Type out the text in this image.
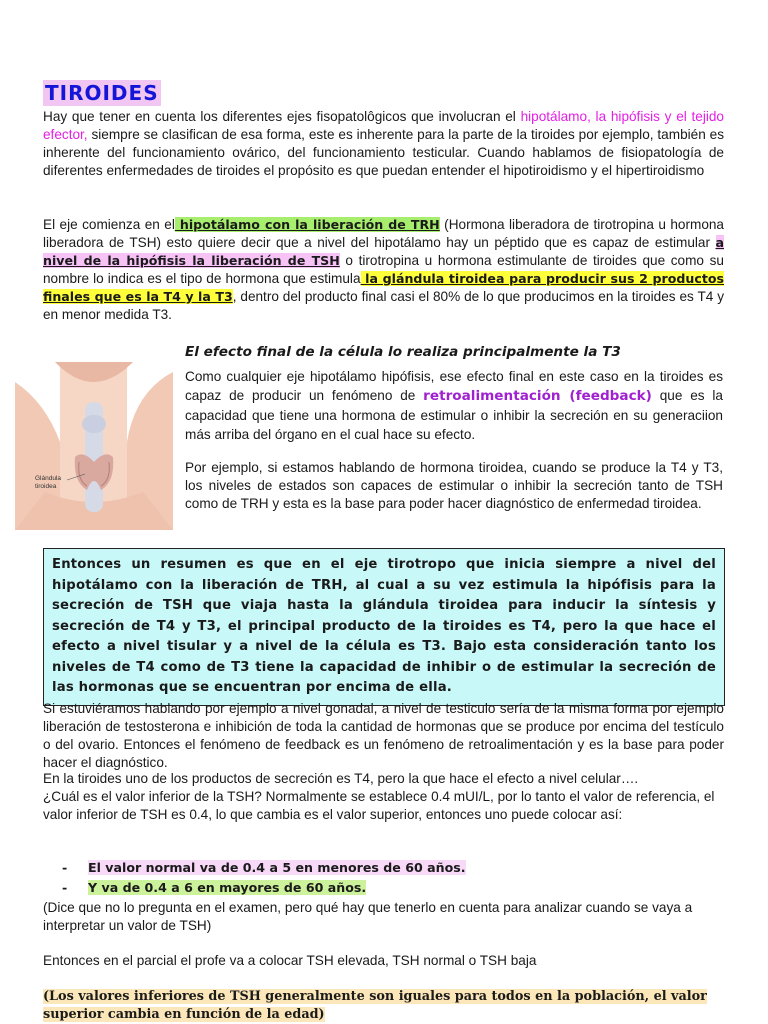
TIROIDES

Hay que tener en cuenta los diferentes ejes fisopatolôgicos que involucran el hipotálamo, la hipófisis y el tejido efector, siempre se clasifican de esa forma, este es inherente para la parte de la tiroides por ejemplo, también es inherente del funcionamiento ovárico, del funcionamiento testicular. Cuando hablamos de fisiopatología de diferentes enfermedades de tiroides el propósito es que puedan entender el hipotiroidismo y el hipertiroidismo

El eje comienza en el hipotálamo con la liberación de TRH (Hormona liberadora de tirotropina u hormona liberadora de TSH) esto quiere decir que a nivel del hipotálamo hay un péptido que es capaz de estimular a nivel de la hipófisis la liberación de TSH o tirotropina u hormona estimulante de tiroides que como su nombre lo indica es el tipo de hormona que estimula la glándula tiroidea para producir sus 2 productos finales que es la T4 y la T3, dentro del producto final casi el 80% de lo que producimos en la tiroides es T4 y en menor medida T3.

El efecto final de la célula lo realiza principalmente la T3
Glándula
tiroidea

Como cualquier eje hipotálamo hipófisis, ese efecto final en este caso en la tiroides es capaz de producir un fenómeno de retroalimentación (feedback) que es la capacidad que tiene una hormona de estimular o inhibir la secreción en su generaciion más arriba del órgano en el cual hace su efecto.

Por ejemplo, si estamos hablando de hormona tiroidea, cuando se produce la T4 y T3, los niveles de estados son capaces de estimular o inhibir la secreción tanto de TSH como de TRH y esta es la base para poder hacer diagnóstico de enfermedad tiroidea.

Entonces un resumen es que en el eje tirotropo que inicia siempre a nivel del hipotálamo con la liberación de TRH, al cual a su vez estimula la hipófisis para la secreción de TSH que viaja hasta la glándula tiroidea para inducir la síntesis y secreción de T4 y T3, el principal producto de la tiroides es T4, pero la que hace el efecto a nivel tisular y a nivel de la célula es T3. Bajo esta consideración tanto los niveles de T4 como de T3 tiene la capacidad de inhibir o de estimular la secreción de las hormonas que se encuentran por encima de ella.

Si estuviéramos hablando por ejemplo a nivel gonadal, a nivel de testiculo sería de la misma forma por ejemplo liberación de testosterona e inhibición de toda la cantidad de hormonas que se produce por encima del testículo o del ovario. Entonces el fenómeno de feedback es un fenómeno de retroalimentación y es la base para poder hacer el diagnóstico.

En la tiroides uno de los productos de secreción es T4, pero la que hace el efecto a nivel celular….

¿Cuál es el valor inferior de la TSH? Normalmente se establece 0.4 mUI/L, por lo tanto el valor de referencia, el valor inferior de TSH es 0.4, lo que cambia es el valor superior, entonces uno puede colocar así:

- El valor normal va de 0.4 a 5 en menores de 60 años.
- Y va de 0.4 a 6 en mayores de 60 años.

(Dice que no lo pregunta en el examen, pero qué hay que tenerlo en cuenta para analizar cuando se vaya a interpretar un valor de TSH)

Entonces en el parcial el profe va a colocar TSH elevada, TSH normal o TSH baja

(Los valores inferiores de TSH generalmente son iguales para todos en la población, el valor superior cambia en función de la edad)
